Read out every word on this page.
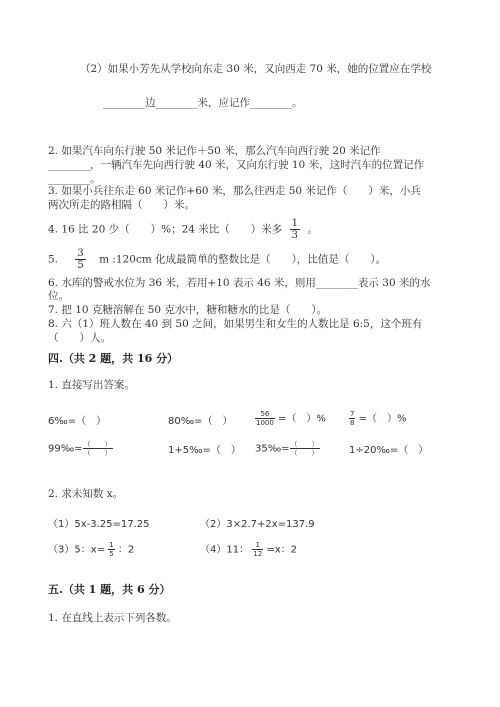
（2）如果小芳先从学校向东走 30 米，又向西走 70 米，她的位置应在学校
________边________米，应记作________。
2. 如果汽车向东行驶 50 米记作＋50 米，那么汽车向西行驶 20 米记作
________，一辆汽车先向西行驶 40 米，又向东行驶 10 米，这时汽车的位置记作
________。
3. 如果小兵往东走 60 米记作+60 米，那么往西走 50 米记作（　　）米，小兵
两次所走的路相隔（　　）米。
4. 16 比 20 少（　　）%；24 米比（　　）米多 $\frac{1}{3}$ 。
5. $\frac{3}{5}$ m :120cm 化成最简单的整数比是（　　），比值是（　　）。
6. 水库的警戒水位为 36 米，若用+10 表示 46 米，则用________表示 30 米的水
位。
7. 把 10 克糖溶解在 50 克水中，糖和糖水的比是（　　）。
8. 六（1）班人数在 40 到 50 之间，如果男生和女生的人数比是 6:5，这个班有
（　　）人。
四.（共 2 题，共 16 分）
1. 直接写出答案。
6‰=（　）	80‰=（　）	$\frac{56}{1000}$ =（　）%	$\frac{7}{8}$ =（　）%
99‰= $\frac{( )}{( )}$	1+5‰=（　） 35‰= $\frac{( )}{( )}$	1÷20‰=（　）
2. 求未知数 x。
（1）5x-3.25=17.25	（2）3×2.7+2x=137.9
（3）5：$x= \frac{1}{5}$ ：2	（4）11： $\frac{1}{12} =x$：2
五.（共 1 题，共 6 分）
1. 在直线上表示下列各数。
